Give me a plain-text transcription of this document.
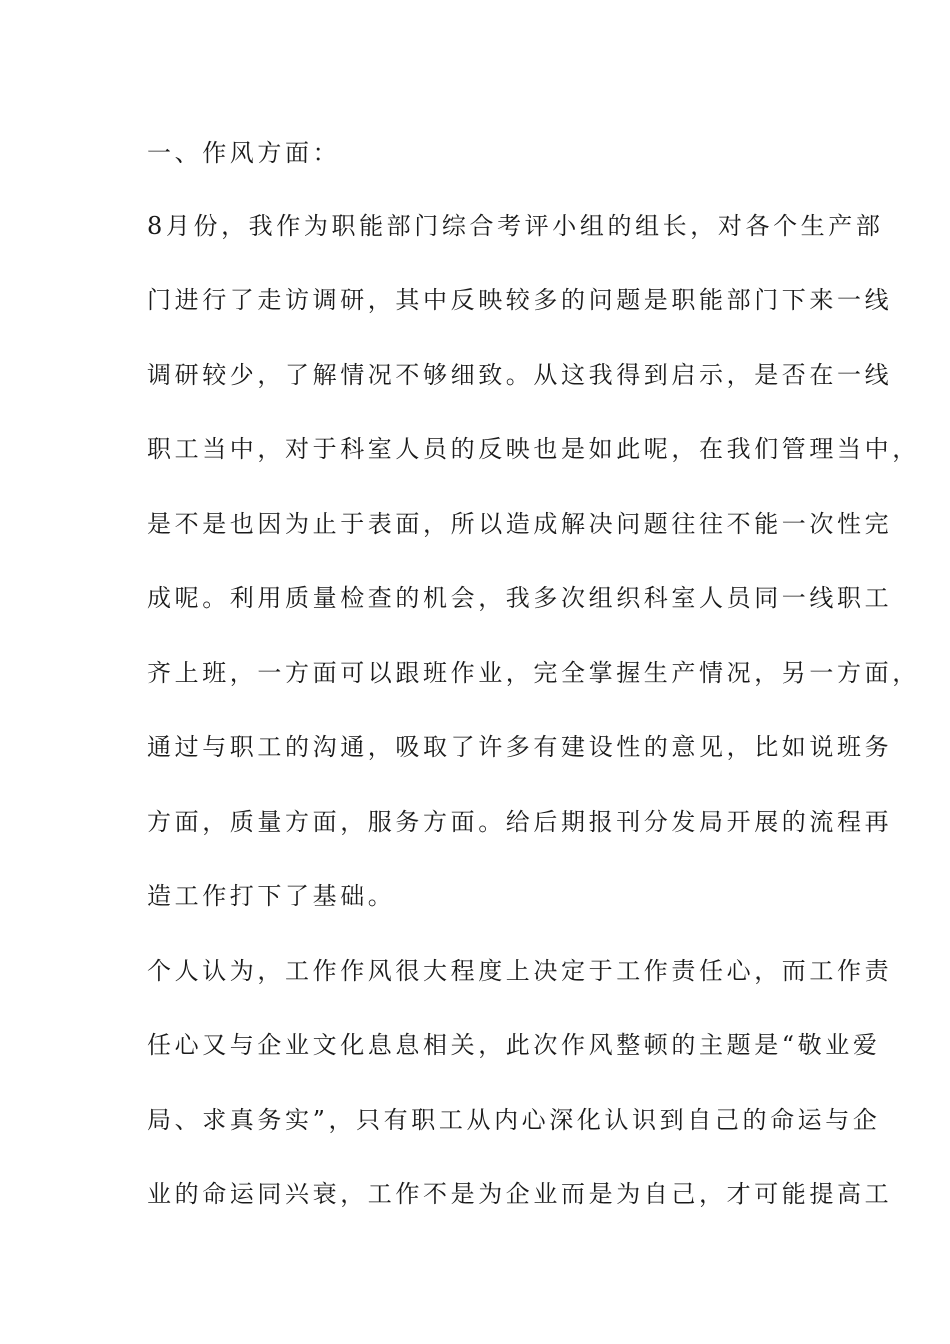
一、作风方面：
8月份，我作为职能部门综合考评小组的组长，对各个生产部
门进行了走访调研，其中反映较多的问题是职能部门下来一线
调研较少，了解情况不够细致。从这我得到启示，是否在一线
职工当中，对于科室人员的反映也是如此呢，在我们管理当中，
是不是也因为止于表面，所以造成解决问题往往不能一次性完
成呢。利用质量检查的机会，我多次组织科室人员同一线职工
齐上班，一方面可以跟班作业，完全掌握生产情况，另一方面，
通过与职工的沟通，吸取了许多有建设性的意见，比如说班务
方面，质量方面，服务方面。给后期报刊分发局开展的流程再
造工作打下了基础。
个人认为，工作作风很大程度上决定于工作责任心，而工作责
任心又与企业文化息息相关，此次作风整顿的主题是“敬业爱
局、求真务实”，只有职工从内心深化认识到自己的命运与企
业的命运同兴衰，工作不是为企业而是为自己，才可能提高工
